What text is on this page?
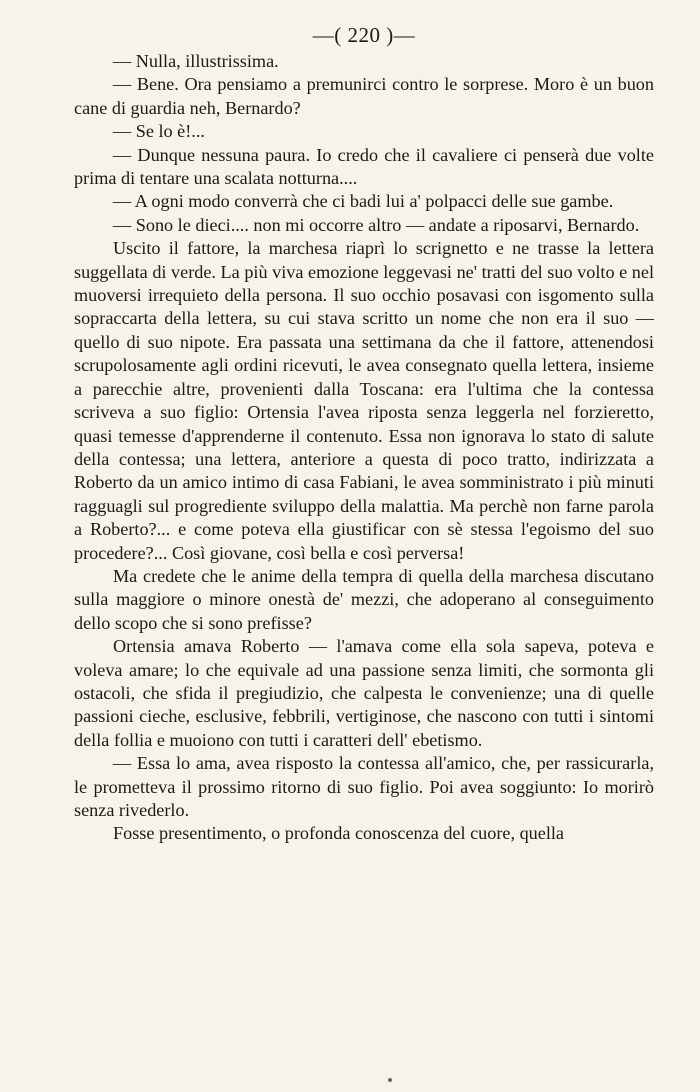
—( 220 )—

— Nulla, illustrissima.

— Bene. Ora pensiamo a premunirci contro le sorprese. Moro è un buon cane di guardia neh, Bernardo?

— Se lo è!...

— Dunque nessuna paura. Io credo che il cavaliere ci penserà due volte prima di tentare una scalata notturna....

— A ogni modo converrà che ci badi lui a' polpacci delle sue gambe.

— Sono le dieci.... non mi occorre altro — andate a riposarvi, Bernardo.

Uscito il fattore, la marchesa riaprì lo scrignetto e ne trasse la lettera suggellata di verde. La più viva emozione leggevasi ne' tratti del suo volto e nel muoversi irrequieto della persona. Il suo occhio posavasi con isgomento sulla sopraccarta della lettera, su cui stava scritto un nome che non era il suo — quello di suo nipote. Era passata una settimana da che il fattore, attenendosi scrupolosamente agli ordini ricevuti, le avea consegnato quella lettera, insieme a parecchie altre, provenienti dalla Toscana: era l'ultima che la contessa scriveva a suo figlio: Ortensia l'avea riposta senza leggerla nel forzieretto, quasi temesse d'apprenderne il contenuto. Essa non ignorava lo stato di salute della contessa; una lettera, anteriore a questa di poco tratto, indirizzata a Roberto da un amico intimo di casa Fabiani, le avea somministrato i più minuti ragguagli sul progrediente sviluppo della malattia. Ma perchè non farne parola a Roberto?... e come poteva ella giustificar con sè stessa l'egoismo del suo procedere?... Così giovane, così bella e così perversa!

Ma credete che le anime della tempra di quella della marchesa discutano sulla maggiore o minore onestà de' mezzi, che adoperano al conseguimento dello scopo che si sono prefisse?

Ortensia amava Roberto — l'amava come ella sola sapeva, poteva e voleva amare; lo che equivale ad una passione senza limiti, che sormonta gli ostacoli, che sfida il pregiudizio, che calpesta le convenienze; una di quelle passioni cieche, esclusive, febbrili, vertiginose, che nascono con tutti i sintomi della follia e muoiono con tutti i caratteri dell' ebetismo.

— Essa lo ama, avea risposto la contessa all'amico, che, per rassicurarla, le prometteva il prossimo ritorno di suo figlio. Poi avea soggiunto: Io morirò senza rivederlo.

Fosse presentimento, o profonda conoscenza del cuore, quella
